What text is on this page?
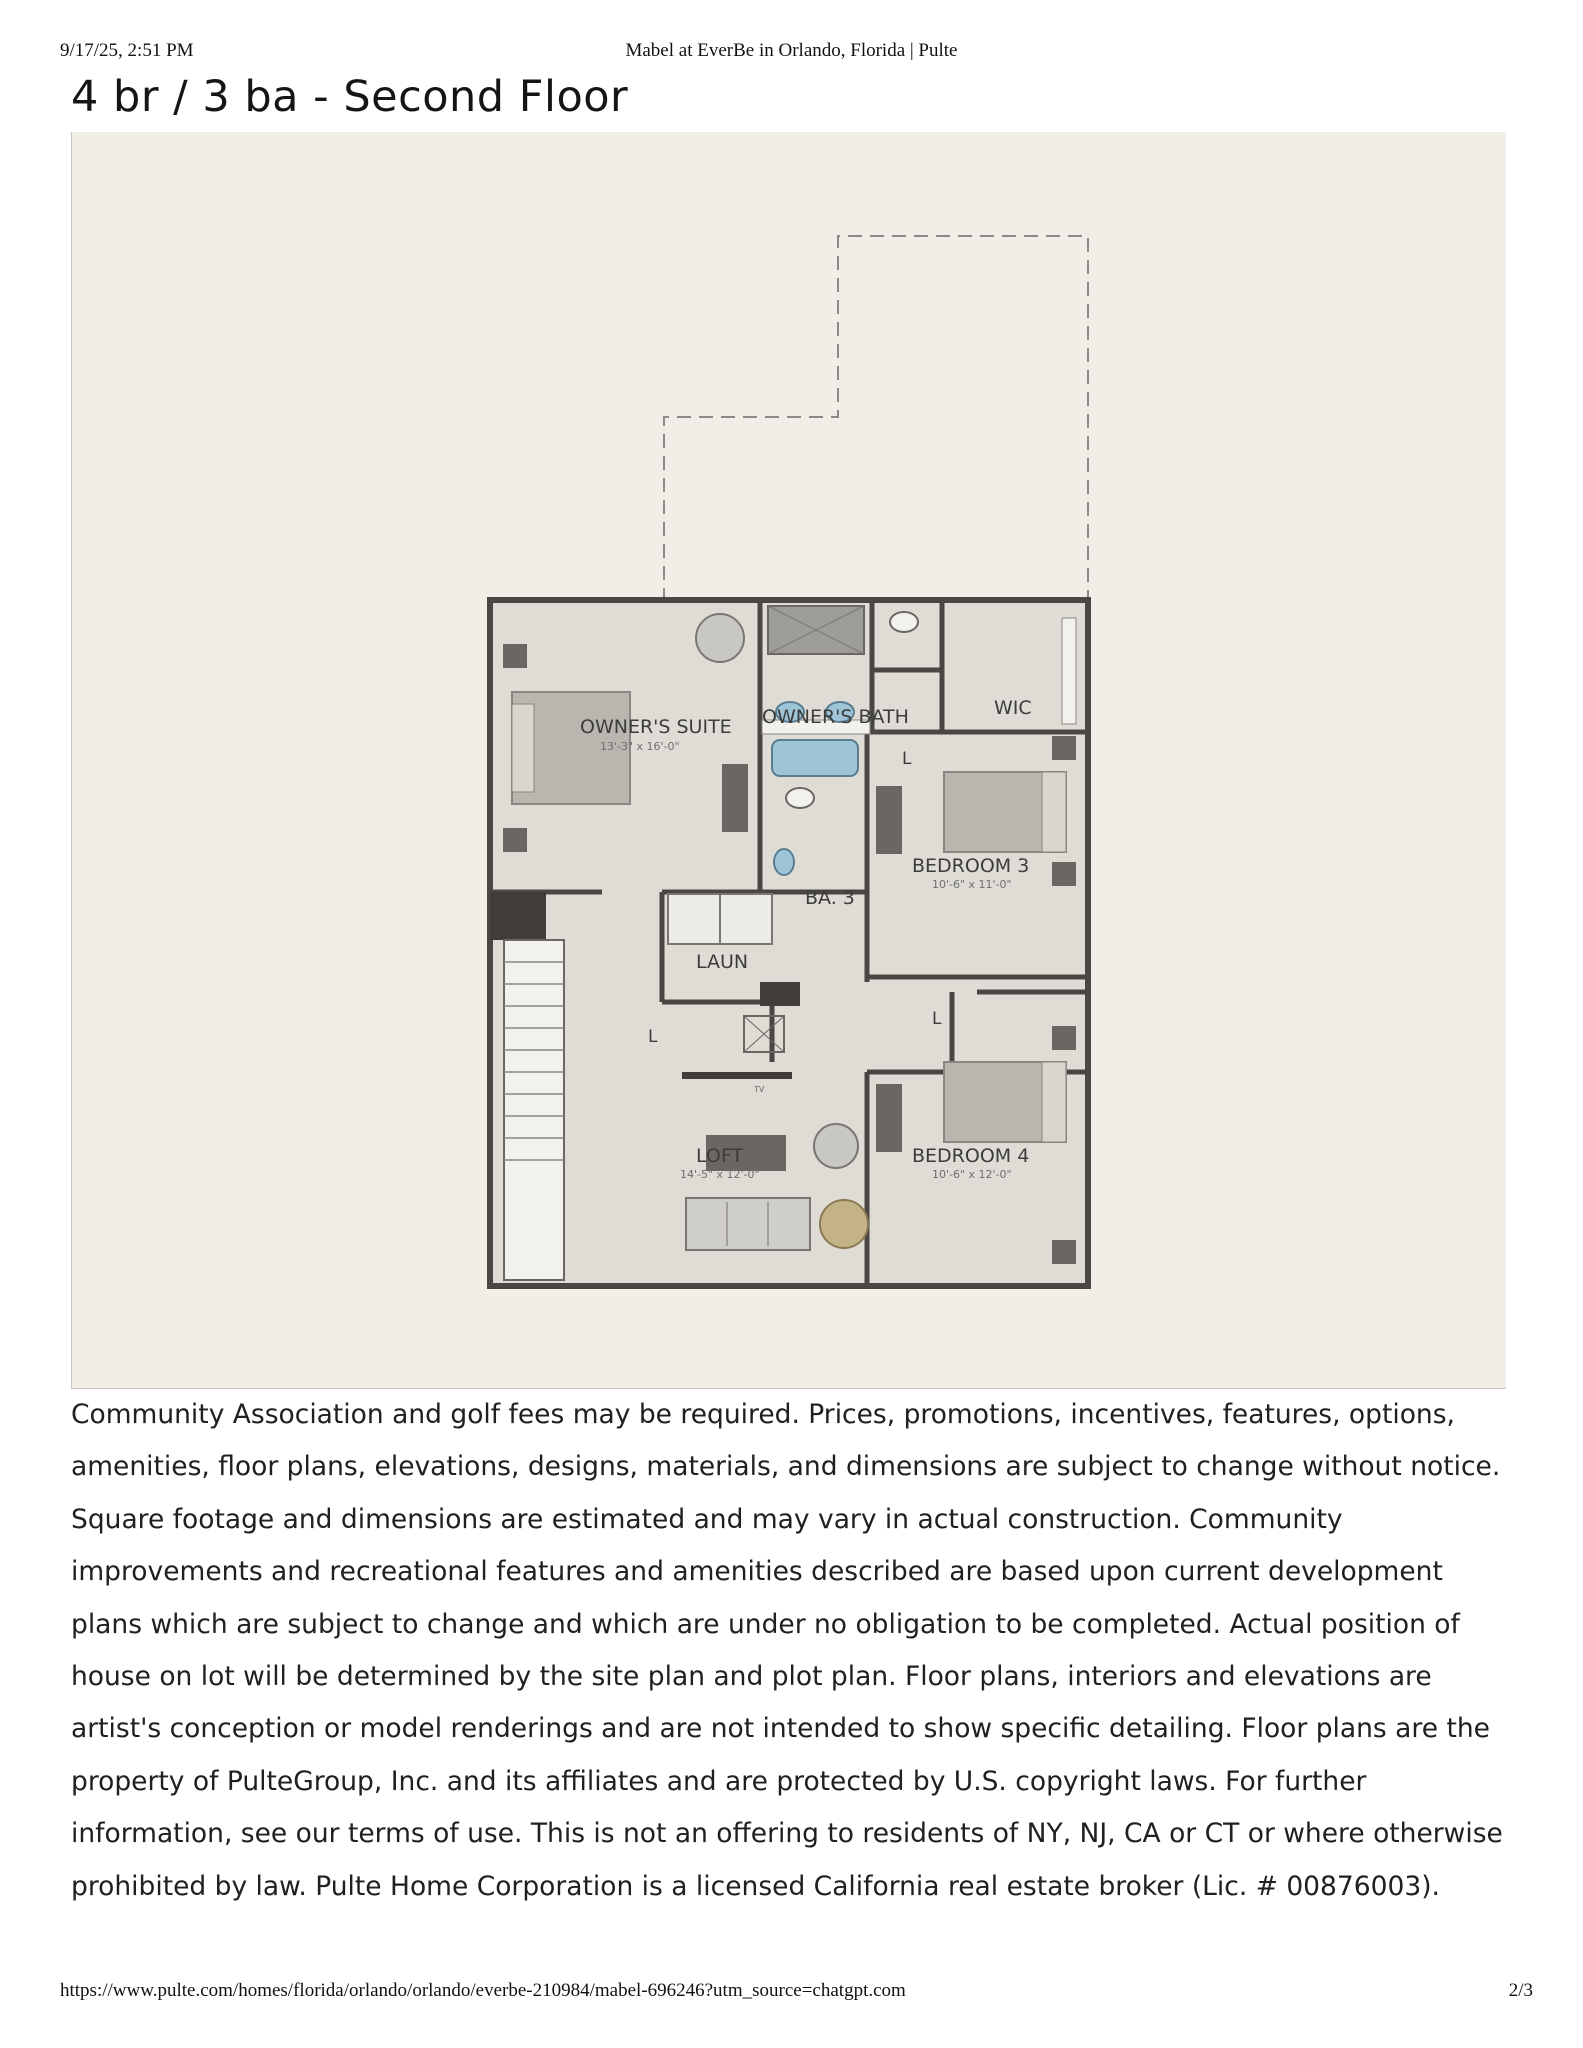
9/17/25, 2:51 PM	Mabel at EverBe in Orlando, Florida | Pulte
4 br / 3 ba - Second Floor
TV
OWNER'S SUITE
13'-3" x 16'-0"
OWNER'S BATH	WIC
BEDROOM 3
10'-6" x 11'-0"
BA. 3
LAUN
LOFT
14'-5" x 12'-0"
BEDROOM 4
10'-6" x 12'-0"
L
L
L

Community Association and golf fees may be required. Prices, promotions, incentives, features, options, amenities, floor plans, elevations, designs, materials, and dimensions are subject to change without notice. Square footage and dimensions are estimated and may vary in actual construction. Community improvements and recreational features and amenities described are based upon current development plans which are subject to change and which are under no obligation to be completed. Actual position of house on lot will be determined by the site plan and plot plan. Floor plans, interiors and elevations are artist's conception or model renderings and are not intended to show specific detailing. Floor plans are the property of PulteGroup, Inc. and its affiliates and are protected by U.S. copyright laws. For further information, see our terms of use. This is not an offering to residents of NY, NJ, CA or CT or where otherwise prohibited by law. Pulte Home Corporation is a licensed California real estate broker (Lic. # 00876003).

https://www.pulte.com/homes/florida/orlando/orlando/everbe-210984/mabel-696246?utm_source=chatgpt.com	2/3
